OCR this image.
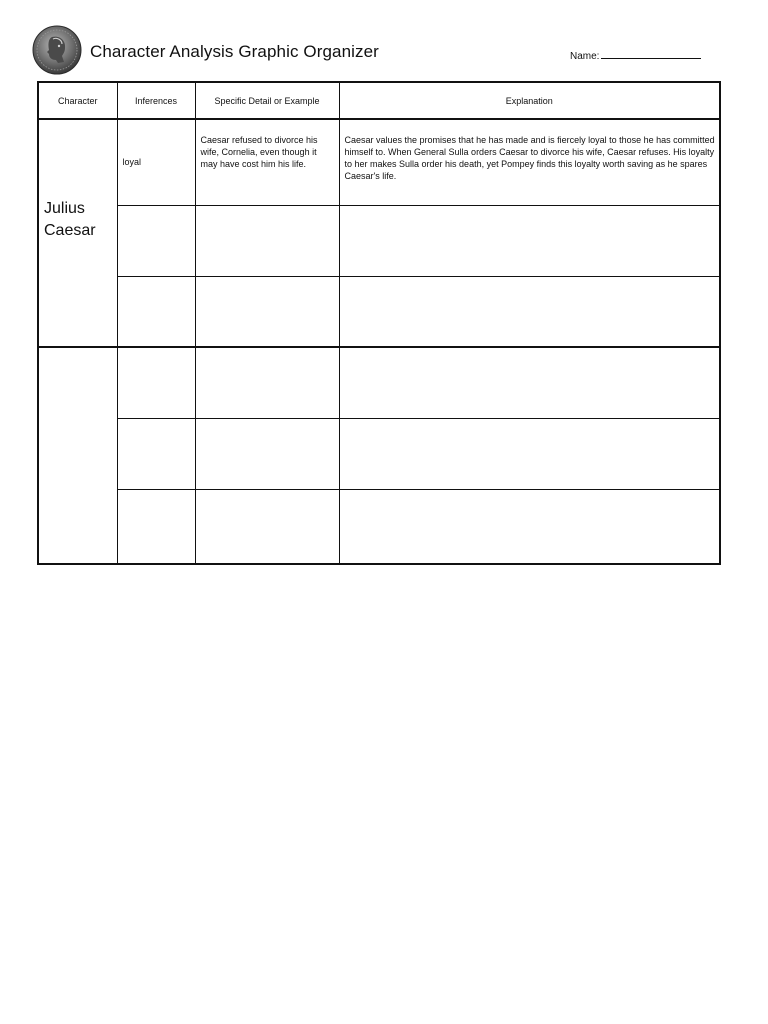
Character Analysis Graphic Organizer	Name:
Character	Inferences	Specific Detail or Example	Explanation

Julius Caesar	loyal	Caesar refused to divorce his wife, Cornelia, even though it may have cost him his life.	Caesar values the promises that he has made and is fiercely loyal to those he has committed himself to. When General Sulla orders Caesar to divorce his wife, Caesar refuses. His loyalty to her makes Sulla order his death, yet Pompey finds this loyalty worth saving as he spares Caesar's life.
